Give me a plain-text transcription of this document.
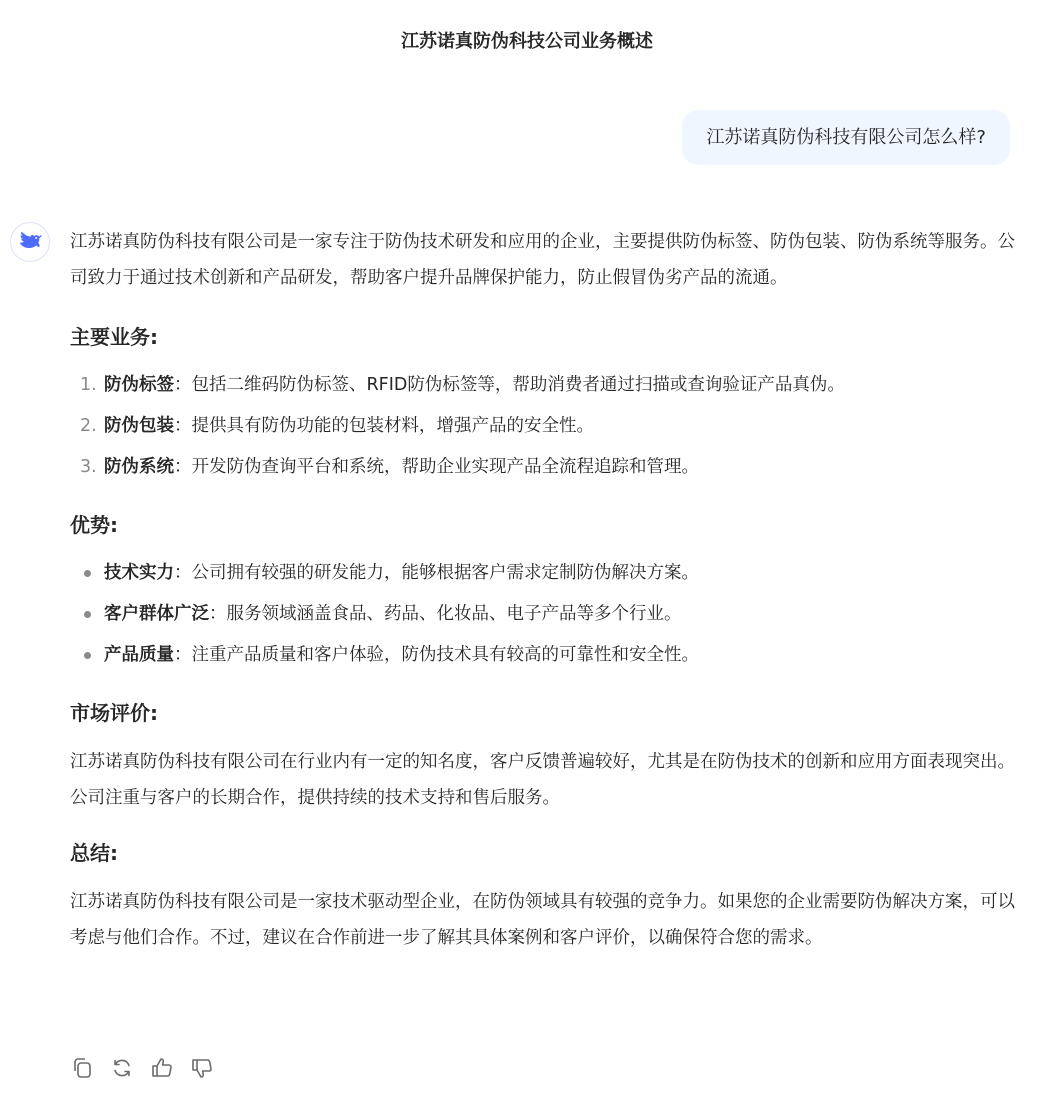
江苏诺真防伪科技公司业务概述
江苏诺真防伪科技有限公司怎么样?

江苏诺真防伪科技有限公司是一家专注于防伪技术研发和应用的企业，主要提供防伪标签、防伪包装、防伪系统等服务。公司致力于通过技术创新和产品研发，帮助客户提升品牌保护能力，防止假冒伪劣产品的流通。

主要业务:
1. 防伪标签：包括二维码防伪标签、RFID防伪标签等，帮助消费者通过扫描或查询验证产品真伪。
2. 防伪包装：提供具有防伪功能的包装材料，增强产品的安全性。
3. 防伪系统：开发防伪查询平台和系统，帮助企业实现产品全流程追踪和管理。
优势:
技术实力：公司拥有较强的研发能力，能够根据客户需求定制防伪解决方案。
客户群体广泛：服务领域涵盖食品、药品、化妆品、电子产品等多个行业。
产品质量：注重产品质量和客户体验，防伪技术具有较高的可靠性和安全性。
市场评价:

江苏诺真防伪科技有限公司在行业内有一定的知名度，客户反馈普遍较好，尤其是在防伪技术的创新和应用方面表现突出。公司注重与客户的长期合作，提供持续的技术支持和售后服务。

总结:

江苏诺真防伪科技有限公司是一家技术驱动型企业，在防伪领域具有较强的竞争力。如果您的企业需要防伪解决方案，可以考虑与他们合作。不过，建议在合作前进一步了解其具体案例和客户评价，以确保符合您的需求。
